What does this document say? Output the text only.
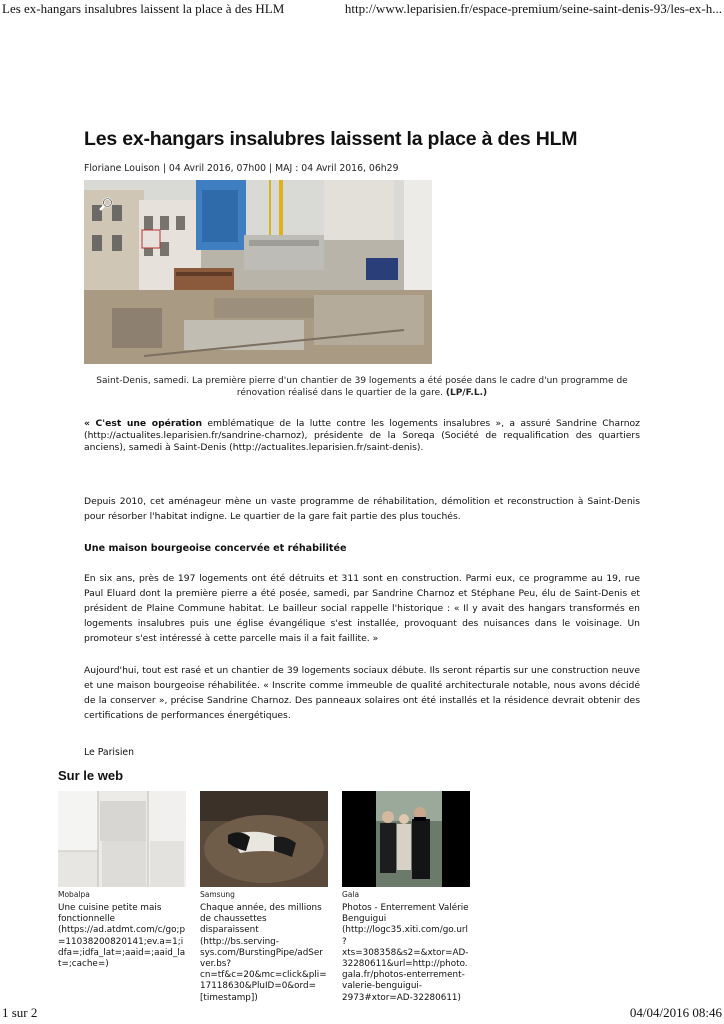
Les ex-hangars insalubres laissent la place à des HLM	http://www.leparisien.fr/espace-premium/seine-saint-denis-93/les-ex-h...
Les ex-hangars insalubres laissent la place à des HLM
Floriane Louison | 04 Avril 2016, 07h00 | MAJ : 04 Avril 2016, 06h29
Saint-Denis, samedi. La première pierre d'un chantier de 39 logements a été posée dans le cadre d'un programme de rénovation réalisé dans le quartier de la gare. (LP/F.L.)
« C'est une opération emblématique de la lutte contre les logements insalubres », a assuré Sandrine Charnoz (http://actualites.leparisien.fr/sandrine-charnoz), présidente de la Soreqa (Société de requalification des quartiers anciens), samedi à Saint-Denis (http://actualites.leparisien.fr/saint-denis).
Depuis 2010, cet aménageur mène un vaste programme de réhabilitation, démolition et reconstruction à Saint-Denis pour résorber l'habitat indigne. Le quartier de la gare fait partie des plus touchés.
Une maison bourgeoise concervée et réhabilitée
En six ans, près de 197 logements ont été détruits et 311 sont en construction. Parmi eux, ce programme au 19, rue Paul Eluard dont la première pierre a été posée, samedi, par Sandrine Charnoz et Stéphane Peu, élu de Saint-Denis et président de Plaine Commune habitat. Le bailleur social rappelle l'historique : « Il y avait des hangars transformés en logements insalubres puis une église évangélique s'est installée, provoquant des nuisances dans le voisinage. Un promoteur s'est intéressé à cette parcelle mais il a fait faillite. »
Aujourd'hui, tout est rasé et un chantier de 39 logements sociaux débute. Ils seront répartis sur une construction neuve et une maison bourgeoise réhabilitée. « Inscrite comme immeuble de qualité architecturale notable, nous avons décidé de la conserver », précise Sandrine Charnoz. Des panneaux solaires ont été installés et la résidence devrait obtenir des certifications de performances énergétiques.
Le Parisien
Sur le web
Mobalpa
Une cuisine petite mais fonctionnelle (https://ad.atdmt.com/c/go;p=11038200820141;ev.a=1;idfa=;idfa_lat=;aaid=;aaid_lat=;cache=)
Samsung
Chaque année, des millions de chaussettes disparaissent (http://bs.serving-sys.com/BurstingPipe/adServer.bs?cn=tf&c=20&mc=click&pli=17118630&PluID=0&ord=[timestamp])
Gala
Photos - Enterrement Valérie Benguigui (http://logc35.xiti.com/go.url?xts=308358&s2=&xtor=AD-32280611&url=http://photo.gala.fr/photos-enterrement-valerie-benguigui-2973#xtor=AD-32280611)
1 sur 2	04/04/2016 08:46
